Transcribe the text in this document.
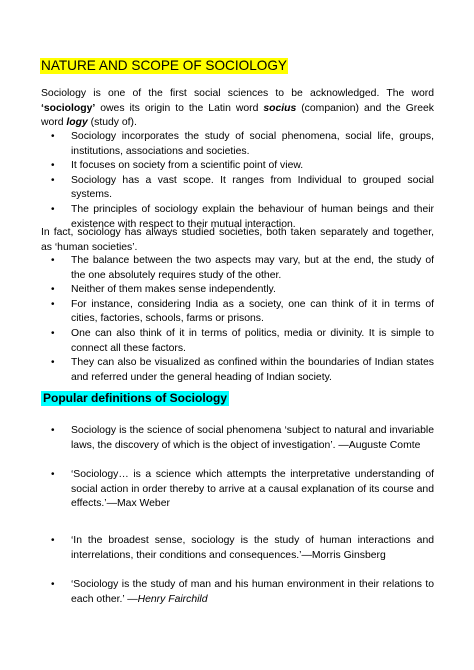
NATURE AND SCOPE OF SOCIOLOGY

Sociology is one of the first social sciences to be acknowledged. The word ‘sociology’ owes its origin to the Latin word socius (companion) and the Greek word logy (study of).

• Sociology incorporates the study of social phenomena, social life, groups, institutions, associations and societies.
• It focuses on society from a scientific point of view.
• Sociology has a vast scope. It ranges from Individual to grouped social systems.
• The principles of sociology explain the behaviour of human beings and their existence with respect to their mutual interaction.

In fact, sociology has always studied societies, both taken separately and together, as ‘human societies’.

• The balance between the two aspects may vary, but at the end, the study of the one absolutely requires study of the other.
• Neither of them makes sense independently.
• For instance, considering India as a society, one can think of it in terms of cities, factories, schools, farms or prisons.
• One can also think of it in terms of politics, media or divinity. It is simple to connect all these factors.
• They can also be visualized as confined within the boundaries of Indian states and referred under the general heading of Indian society.
Popular definitions of Sociology
• Sociology is the science of social phenomena ‘subject to natural and invariable laws, the discovery of which is the object of investigation’. —Auguste Comte
• ‘Sociology… is a science which attempts the interpretative understanding of social action in order thereby to arrive at a causal explanation of its course and effects.’—Max Weber
• ‘In the broadest sense, sociology is the study of human interactions and interrelations, their conditions and consequences.’—Morris Ginsberg
• ‘Sociology is the study of man and his human environment in their relations to each other.’ —Henry Fairchild
